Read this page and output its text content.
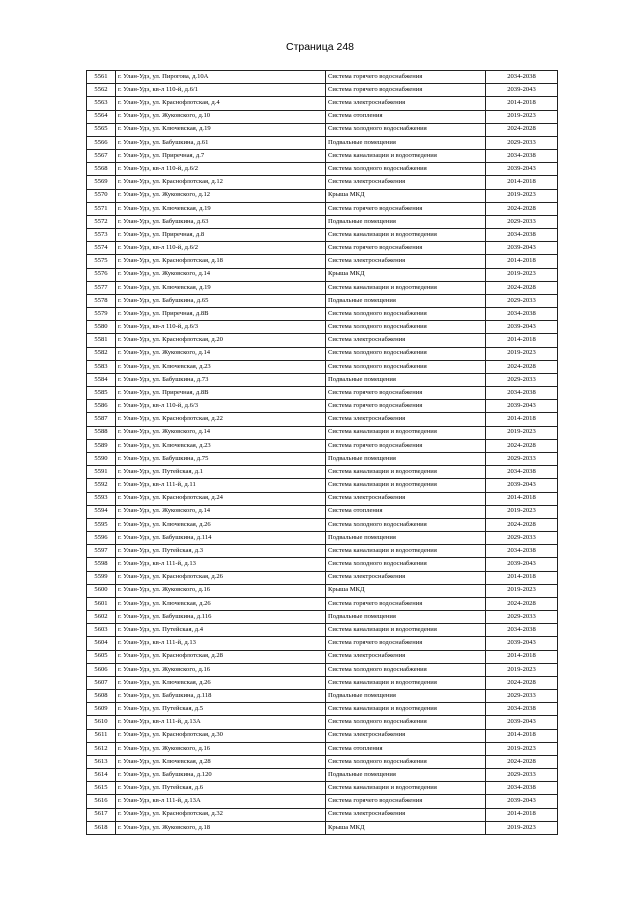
Страница 248
5561	г. Улан-Удэ, ул. Пирогова, д.10А	Система горячего водоснабжения	2034-2038
5562	г. Улан-Удэ, кв-л 110-й, д.6/1	Система горячего водоснабжения	2039-2043
5563	г. Улан-Удэ, ул. Краснофлотская, д.4	Система электроснабжения	2014-2018
5564	г. Улан-Удэ, ул. Жуковского, д.10	Система отопления	2019-2023
5565	г. Улан-Удэ, ул. Ключевская, д.19	Система холодного водоснабжения	2024-2028
5566	г. Улан-Удэ, ул. Бабушкина, д.61	Подвальные помещения	2029-2033
5567	г. Улан-Удэ, ул. Приречная, д.7	Система канализации и водоотведения	2034-2038
5568	г. Улан-Удэ, кв-л 110-й, д.6/2	Система холодного водоснабжения	2039-2043
5569	г. Улан-Удэ, ул. Краснофлотская, д.12	Система электроснабжения	2014-2018
5570	г. Улан-Удэ, ул. Жуковского, д.12	Крыша МКД	2019-2023
5571	г. Улан-Удэ, ул. Ключевская, д.19	Система горячего водоснабжения	2024-2028
5572	г. Улан-Удэ, ул. Бабушкина, д.63	Подвальные помещения	2029-2033
5573	г. Улан-Удэ, ул. Приречная, д.8	Система канализации и водоотведения	2034-2038
5574	г. Улан-Удэ, кв-л 110-й, д.6/2	Система горячего водоснабжения	2039-2043
5575	г. Улан-Удэ, ул. Краснофлотская, д.18	Система электроснабжения	2014-2018
5576	г. Улан-Удэ, ул. Жуковского, д.14	Крыша МКД	2019-2023
5577	г. Улан-Удэ, ул. Ключевская, д.19	Система канализации и водоотведения	2024-2028
5578	г. Улан-Удэ, ул. Бабушкина, д.65	Подвальные помещения	2029-2033
5579	г. Улан-Удэ, ул. Приречная, д.8В	Система холодного водоснабжения	2034-2038
5580	г. Улан-Удэ, кв-л 110-й, д.6/3	Система холодного водоснабжения	2039-2043
5581	г. Улан-Удэ, ул. Краснофлотская, д.20	Система электроснабжения	2014-2018
5582	г. Улан-Удэ, ул. Жуковского, д.14	Система холодного водоснабжения	2019-2023
5583	г. Улан-Удэ, ул. Ключевская, д.23	Система холодного водоснабжения	2024-2028
5584	г. Улан-Удэ, ул. Бабушкина, д.73	Подвальные помещения	2029-2033
5585	г. Улан-Удэ, ул. Приречная, д.8В	Система горячего водоснабжения	2034-2038
5586	г. Улан-Удэ, кв-л 110-й, д.6/3	Система горячего водоснабжения	2039-2043
5587	г. Улан-Удэ, ул. Краснофлотская, д.22	Система электроснабжения	2014-2018
5588	г. Улан-Удэ, ул. Жуковского, д.14	Система канализации и водоотведения	2019-2023
5589	г. Улан-Удэ, ул. Ключевская, д.23	Система горячего водоснабжения	2024-2028
5590	г. Улан-Удэ, ул. Бабушкина, д.75	Подвальные помещения	2029-2033
5591	г. Улан-Удэ, ул. Путейская, д.1	Система канализации и водоотведения	2034-2038
5592	г. Улан-Удэ, кв-л 111-й, д.11	Система канализации и водоотведения	2039-2043
5593	г. Улан-Удэ, ул. Краснофлотская, д.24	Система электроснабжения	2014-2018
5594	г. Улан-Удэ, ул. Жуковского, д.14	Система отопления	2019-2023
5595	г. Улан-Удэ, ул. Ключевская, д.26	Система холодного водоснабжения	2024-2028
5596	г. Улан-Удэ, ул. Бабушкина, д.114	Подвальные помещения	2029-2033
5597	г. Улан-Удэ, ул. Путейская, д.3	Система канализации и водоотведения	2034-2038
5598	г. Улан-Удэ, кв-л 111-й, д.13	Система холодного водоснабжения	2039-2043
5599	г. Улан-Удэ, ул. Краснофлотская, д.26	Система электроснабжения	2014-2018
5600	г. Улан-Удэ, ул. Жуковского, д.16	Крыша МКД	2019-2023
5601	г. Улан-Удэ, ул. Ключевская, д.26	Система горячего водоснабжения	2024-2028
5602	г. Улан-Удэ, ул. Бабушкина, д.116	Подвальные помещения	2029-2033
5603	г. Улан-Удэ, ул. Путейская, д.4	Система канализации и водоотведения	2034-2038
5604	г. Улан-Удэ, кв-л 111-й, д.13	Система горячего водоснабжения	2039-2043
5605	г. Улан-Удэ, ул. Краснофлотская, д.28	Система электроснабжения	2014-2018
5606	г. Улан-Удэ, ул. Жуковского, д.16	Система холодного водоснабжения	2019-2023
5607	г. Улан-Удэ, ул. Ключевская, д.26	Система канализации и водоотведения	2024-2028
5608	г. Улан-Удэ, ул. Бабушкина, д.118	Подвальные помещения	2029-2033
5609	г. Улан-Удэ, ул. Путейская, д.5	Система канализации и водоотведения	2034-2038
5610	г. Улан-Удэ, кв-л 111-й, д.13А	Система холодного водоснабжения	2039-2043
5611	г. Улан-Удэ, ул. Краснофлотская, д.30	Система электроснабжения	2014-2018
5612	г. Улан-Удэ, ул. Жуковского, д.16	Система отопления	2019-2023
5613	г. Улан-Удэ, ул. Ключевская, д.28	Система холодного водоснабжения	2024-2028
5614	г. Улан-Удэ, ул. Бабушкина, д.120	Подвальные помещения	2029-2033
5615	г. Улан-Удэ, ул. Путейская, д.6	Система канализации и водоотведения	2034-2038
5616	г. Улан-Удэ, кв-л 111-й, д.13А	Система горячего водоснабжения	2039-2043
5617	г. Улан-Удэ, ул. Краснофлотская, д.32	Система электроснабжения	2014-2018
5618	г. Улан-Удэ, ул. Жуковского, д.18	Крыша МКД	2019-2023
